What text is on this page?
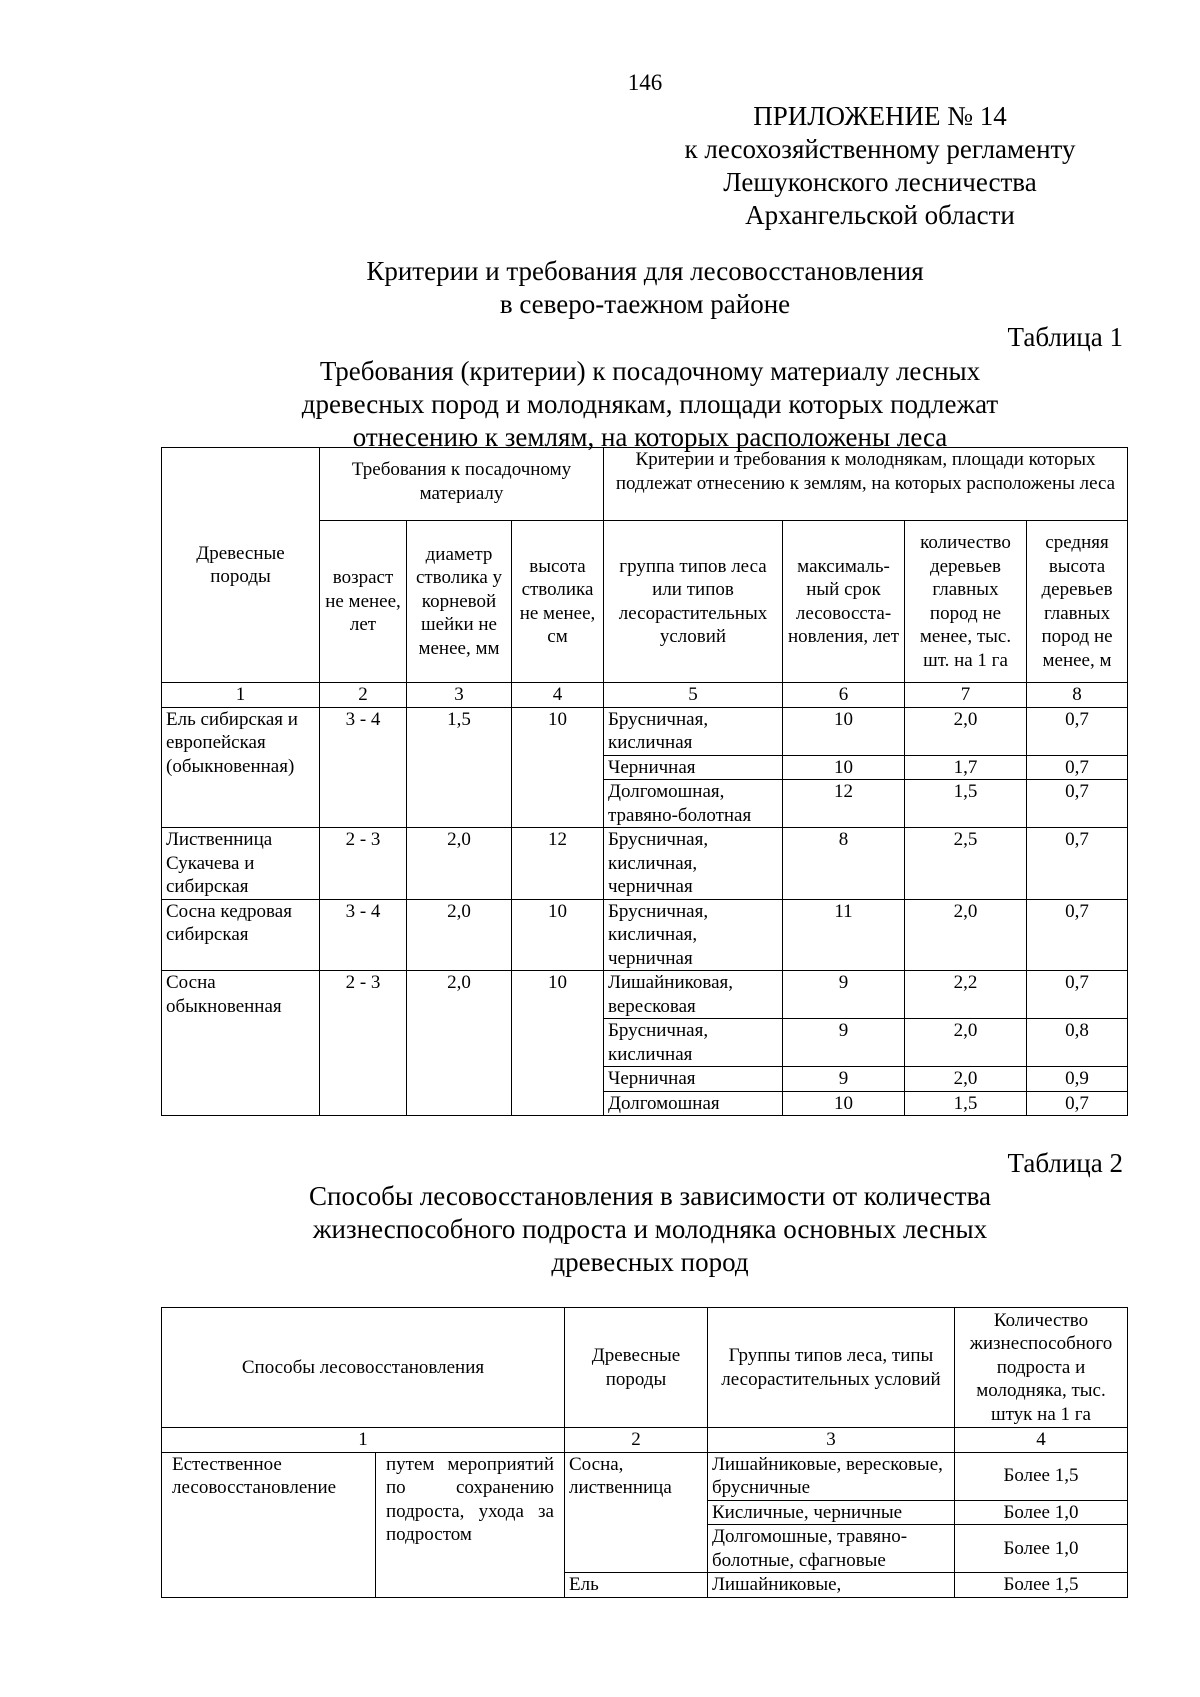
146
ПРИЛОЖЕНИЕ № 14
к лесохозяйственному регламенту
Лешуконского лесничества
Архангельской области
Критерии и требования для лесовосстановления
в северо-таежном районе
Таблица 1
Требования (критерии) к посадочному материалу лесных
древесных пород и молоднякам, площади которых подлежат
отнесению к землям, на которых расположены леса
Древесные породы	Требования к посадочному материалу			Критерии и требования к молоднякам, площади которых подлежат отнесению к землям, на которых расположены леса			
	возраст не менее, лет	диаметр стволика у корневой шейки не менее, мм	высота стволика не менее, см	группа типов леса или типов лесорастительных условий	максималь-ный срок лесовосста-новления, лет	количество деревьев главных пород не менее, тыс. шт. на 1 га	средняя высота деревьев главных пород не менее, м
1	2	3	4	5	6	7	8
Ель сибирская и европейская (обыкновенная)	3 - 4	1,5	10	Брусничная, кисличная	10	2,0	0,7
				Черничная	10	1,7	0,7
				Долгомошная, травяно-болотная	12	1,5	0,7
Лиственница Сукачева и сибирская	2 - 3	2,0	12	Брусничная, кисличная, черничная	8	2,5	0,7
Сосна кедровая сибирская	3 - 4	2,0	10	Брусничная, кисличная, черничная	11	2,0	0,7
Сосна обыкновенная	2 - 3	2,0	10	Лишайниковая, вересковая	9	2,2	0,7
				Брусничная, кисличная	9	2,0	0,8
				Черничная	9	2,0	0,9
				Долгомошная	10	1,5	0,7
Таблица 2
Способы лесовосстановления в зависимости от количества
жизнеспособного подроста и молодняка основных лесных
древесных пород
Способы лесовосстановления		Древесные породы	Группы типов леса, типы лесорастительных условий	Количество жизнеспособного подроста и молодняка, тыс. штук на 1 га
1		2	3	4
Естественное лесовосстановление	путем мероприятий по сохранению подроста, ухода за подростом	Сосна, лиственница	Лишайниковые, вересковые, брусничные	Более 1,5
			Кисличные, черничные	Более 1,0
			Долгомошные, травяно-болотные, сфагновые	Более 1,0
		Ель	Лишайниковые,	Более 1,5
